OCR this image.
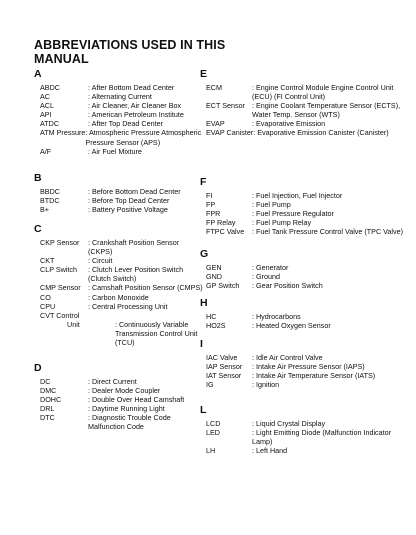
ABBREVIATIONS USED IN THIS
MANUAL
A
ABDC	: After Bottom Dead Center
AC	: Alternating Current
ACL	: Air Cleaner, Air Cleaner Box
API	: American Petroleum Institute
ATDC	: After Top Dead Center
ATM Pressure : Atmospheric Pressure Atmospheric Pressure Sensor (APS)
A/F	: Air Fuel Mixture
B
BBDC	: Before Bottom Dead Center
BTDC	: Before Top Dead Center
B+	: Battery Positive Voltage
C
CKP Sensor	: Crankshaft Position Sensor (CKPS)
CKT	: Circuit
CLP Switch	: Clutch Lever Position Switch (Clutch Switch)
CMP Sensor	: Camshaft Position Sensor (CMPS)
CO	: Carbon Monoxide
CPU	: Central Processing Unit
CVT Control
Unit	: Continuously Variable Transmission Control Unit (TCU)
D
DC	: Direct Current
DMC	: Dealer Mode Coupler
DOHC	: Double Over Head Camshaft
DRL	: Daytime Running Light
DTC	: Diagnostic Trouble Code Malfunction Code
E
ECM	: Engine Control Module Engine Control Unit (ECU) (FI Control Unit)
ECT Sensor : Engine Coolant Temperature Sensor (ECTS), Water Temp. Sensor (WTS)
EVAP	: Evaporative Emission
EVAP Canister : Evaporative Emission Canister (Canister)
F
FI	: Fuel Injection, Fuel Injector
FP	: Fuel Pump
FPR	: Fuel Pressure Regulator
FP Relay	: Fuel Pump Relay
FTPC Valve	: Fuel Tank Pressure Control Valve (TPC Valve)
G
GEN	: Generator
GND	: Ground
GP Switch	: Gear Position Switch
H
HC	: Hydrocarbons
HO2S	: Heated Oxygen Sensor
I
IAC Valve	: Idle Air Control Valve
IAP Sensor	: Intake Air Pressure Sensor (IAPS)
IAT Sensor	: Intake Air Temperature Sensor (IATS)
IG	: Ignition
L
LCD	: Liquid Crystal Display
LED	: Light Emitting Diode (Malfunction Indicator Lamp)
LH	: Left Hand
